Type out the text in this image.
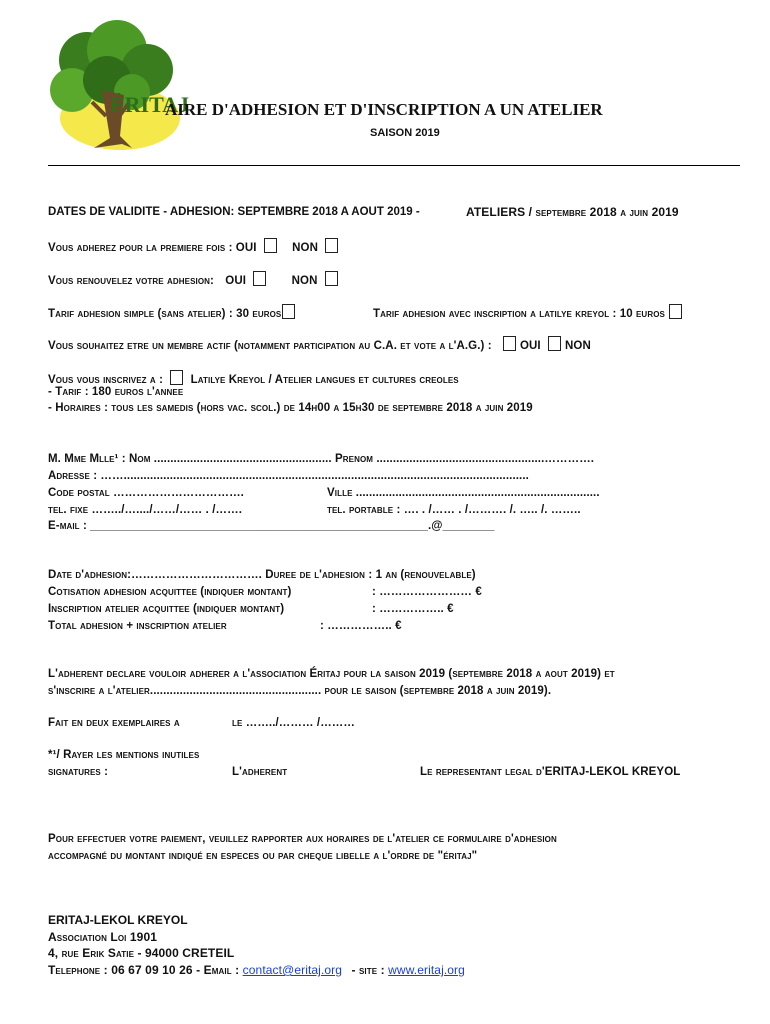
ÉRITAJ
AIRE D'ADHESION ET D'INSCRIPTION A UN ATELIER
SAISON 2019
DATES DE VALIDITE - ADHESION: SEPTEMBRE 2018 A AOUT 2019 -	ATELIERS / septembre 2018 a juin 2019
Vous adherez pour la premiere fois : OUI	NON
Vous renouvelez votre adhesion: OUI	NON
Tarif adhesion simple (sans atelier) : 30 euros	Tarif adhesion avec inscription a latilye kreyol : 10 euros
Vous souhaitez etre un membre actif (notamment participation au C.A. et vote a l'A.G.) : OUI NON
Vous vous inscrivez a : Latilye Kreyol / Atelier langues et cultures creoles
- Tarif : 180 euros l'annee
- Horaires : tous les samedis (hors vac. scol.) de 14h00 a 15h30 de septembre 2018 a juin 2019
M. Mme Mlle¹ : Nom ...................................................... Prenom ...................................................………….
Adresse : ……...........................................................................................................................
Code postal …………………………….	Ville ..........................................................................
tel. fixe ……../…..../……/…… . /…….	tel. portable : …. . /…… . /………. /. ….. /. ……..
E-mail : ____________________________________________________.@________
Date d'adhesion:……………………………. Duree de l'adhesion : 1 an (renouvelable)
Cotisation adhesion acquittee (indiquer montant)	: …………………… €
Inscription atelier acquittee (indiquer montant)	: …………….. €
Total adhesion + inscription atelier	: …………….. €
L'adherent declare vouloir adherer a l'association Éritaj pour la saison 2019 (septembre 2018 a aout 2019) et
s'inscrire a l'atelier.................................................... pour le saison (septembre 2018 a juin 2019).
Fait en deux exemplaires a	le ……../……… /………
*¹/ Rayer les mentions inutiles
signatures :	L'adherent	Le representant legal d'ERITAJ-LEKOL KREYOL
Pour effectuer votre paiement, veuillez rapporter aux horaires de l'atelier ce formulaire d'adhesion
accompagné du montant indiqué en especes ou par cheque libelle a l'ordre de "éritaj"
ERITAJ-LEKOL KREYOL
Association Loi 1901
4, rue Erik Satie - 94000 CRETEIL
Telephone : 06 67 09 10 26 - Email : contact@eritaj.org - site : www.eritaj.org
